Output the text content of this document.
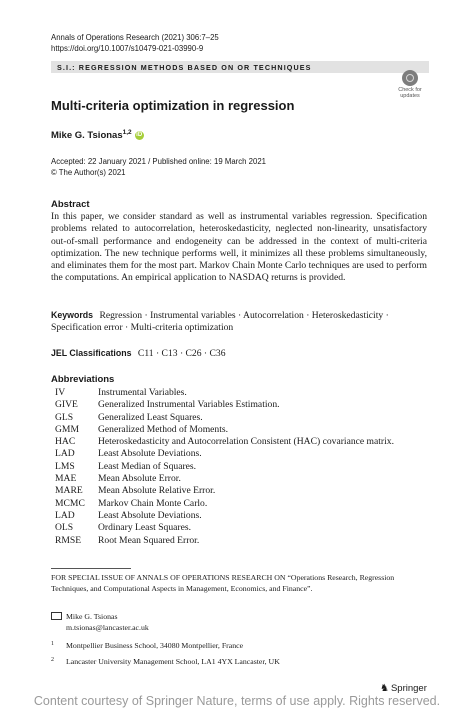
Annals of Operations Research (2021) 306:7–25
https://doi.org/10.1007/s10479-021-03990-9
S.I.: REGRESSION METHODS BASED ON OR TECHNIQUES
Check for
updates
Multi-criteria optimization in regression
Mike G. Tsionas$^{1,2}$ iD
Accepted: 22 January 2021 / Published online: 19 March 2021
© The Author(s) 2021
Abstract
In this paper, we consider standard as well as instrumental variables regression. Specification problems related to autocorrelation, heteroskedasticity, neglected non-linearity, unsatisfactory out-of-small performance and endogeneity can be addressed in the context of multi-criteria optimization. The new technique performs well, it minimizes all these problems simultaneously, and eliminates them for the most part. Markov Chain Monte Carlo techniques are used to perform the computations. An empirical application to NASDAQ returns is provided.
Keywords Regression · Instrumental variables · Autocorrelation · Heteroskedasticity · Specification error · Multi-criteria optimization
JEL Classifications C11 · C13 · C26 · C36
Abbreviations
IV	Instrumental Variables.
GIVE Generalized Instrumental Variables Estimation.
GLS	Generalized Least Squares.
GMM Generalized Method of Moments.
HAC Heteroskedasticity and Autocorrelation Consistent (HAC) covariance matrix.
LAD Least Absolute Deviations.
LMS Least Median of Squares.
MAE Mean Absolute Error.
MARE Mean Absolute Relative Error.
MCMC Markov Chain Monte Carlo.
LAD Least Absolute Deviations.
OLS	Ordinary Least Squares.
RMSE Root Mean Squared Error.
FOR SPECIAL ISSUE OF ANNALS OF OPERATIONS RESEARCH ON “Operations Research, Regression Techniques, and Computational Aspects in Management, Economics, and Finance”.
Mike G. Tsionas
m.tsionas@lancaster.ac.uk
1 Montpellier Business School, 34080 Montpellier, France
2 Lancaster University Management School, LA1 4YX Lancaster, UK
♞ Springer
Content courtesy of Springer Nature, terms of use apply. Rights reserved.
